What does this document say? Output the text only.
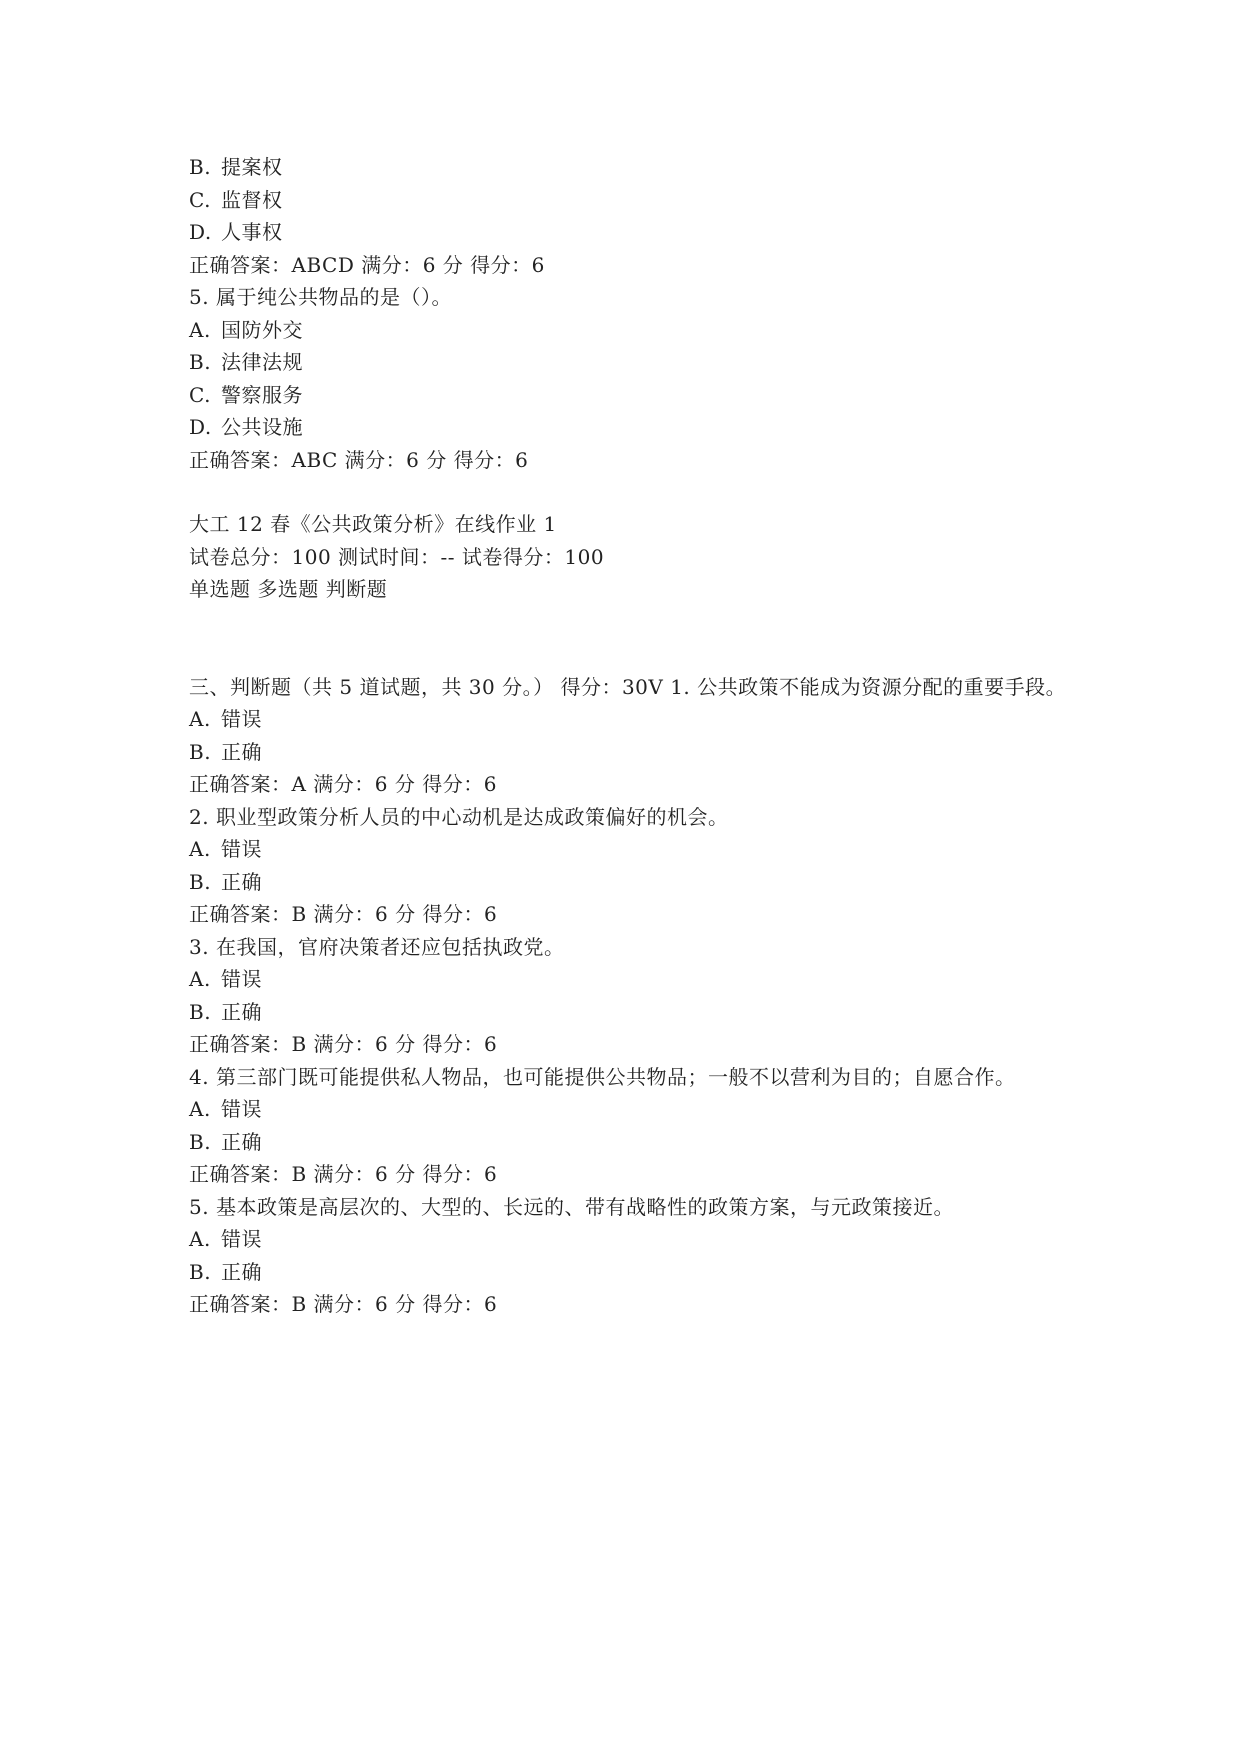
B. 提案权
C. 监督权
D. 人事权
正确答案：ABCD 满分：6 分 得分：6
5. 属于纯公共物品的是（）。
A. 国防外交
B. 法律法规
C. 警察服务
D. 公共设施
正确答案：ABC 满分：6 分 得分：6
大工 12 春《公共政策分析》在线作业 1
试卷总分：100 测试时间：-- 试卷得分：100
单选题 多选题 判断题
三、判断题（共 5 道试题，共 30 分。） 得分：30V 1. 公共政策不能成为资源分配的重要手段。
A. 错误
B. 正确
正确答案：A 满分：6 分 得分：6
2. 职业型政策分析人员的中心动机是达成政策偏好的机会。
A. 错误
B. 正确
正确答案：B 满分：6 分 得分：6
3. 在我国，官府决策者还应包括执政党。
A. 错误
B. 正确
正确答案：B 满分：6 分 得分：6
4. 第三部门既可能提供私人物品，也可能提供公共物品；一般不以营利为目的；自愿合作。
A. 错误
B. 正确
正确答案：B 满分：6 分 得分：6
5. 基本政策是高层次的、大型的、长远的、带有战略性的政策方案，与元政策接近。
A. 错误
B. 正确
正确答案：B 满分：6 分 得分：6
